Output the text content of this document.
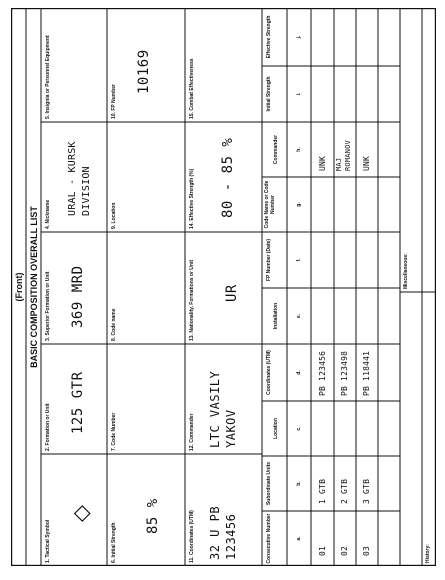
(Front) BASIC COMPOSITION OVERALL LIST
1. Tactical Symbol
◇
2. Formation or Unit 125 GTR
3. Superior Formation or Unit 369 MRD
4. Nickname URAL - KURSK DIVISION
5. Insignia or Personnel Equipment
6. Initial Strength
85 %
7. Code Number
8. Code name
9. Location
10. FP Number
10169
11. Coordinates (UTM) 32 U PB 123456
12. Commander LTC VASILY YAKOV
13. Nationality, Formations or Unit UR
14. Effective Strength (%) 80 - 85 %
15. Combat Effectiveness
Consecutive Number
Subordinate Units
Location
Coordinates (UTM)
Installation
FP Number (Date)
Code Name or Code Number
Commander
Initial Strength
Effective Strength
a.
b.
c.
d.
e.
f.
g.
h.
i.
j.
01
1 GTB
PB 123456
UNK
02
2 GTB
PB 123498
MAJ ROMANOV
03
3 GTB
PB 118441
UNK
History:
Miscellaneous:
